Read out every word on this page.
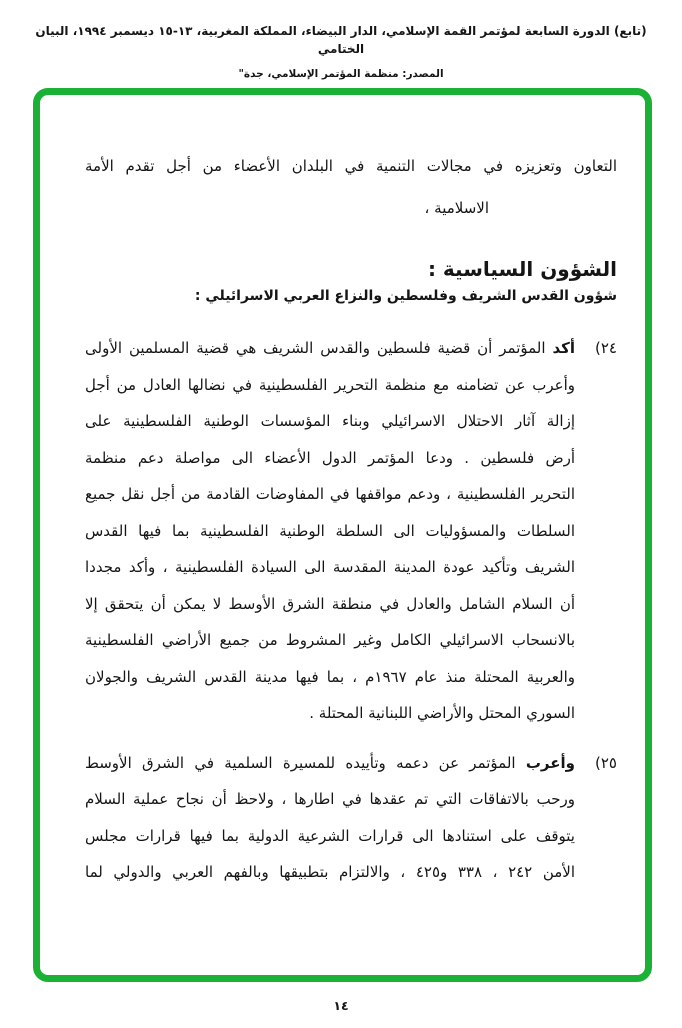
(تابع) الدورة السابعة لمؤتمر القمة الإسلامي، الدار البيضاء، المملكة المغربية، ١٣-١٥ ديسمبر ١٩٩٤، البيان الختامي
المصدر: منظمة المؤتمر الإسلامي، جدة"
التعاون وتعزيزه في مجالات التنمية في البلدان الأعضاء من أجل تقدم الأمة
الاسلامية ،
الشؤون السياسية :
شؤون القدس الشريف وفلسطين والنزاع العربي الاسرائيلي :
٢٤)
أكد المؤتمر أن قضية فلسطين والقدس الشريف هي قضية المسلمين الأولى
وأعرب عن تضامنه مع منظمة التحرير الفلسطينية في نضالها العادل من أجل
إزالة آثار الاحتلال الاسرائيلي وبناء المؤسسات الوطنية الفلسطينية على
أرض فلسطين . ودعا المؤتمر الدول الأعضاء الى مواصلة دعم منظمة
التحرير الفلسطينية ، ودعم مواقفها في المفاوضات القادمة من أجل نقل جميع
السلطات والمسؤوليات الى السلطة الوطنية الفلسطينية بما فيها القدس
الشريف وتأكيد عودة المدينة المقدسة الى السيادة الفلسطينية ، وأكد مجددا
أن السلام الشامل والعادل في منطقة الشرق الأوسط لا يمكن أن يتحقق إلا
بالانسحاب الاسرائيلي الكامل وغير المشروط من جميع الأراضي الفلسطينية
والعربية المحتلة منذ عام ١٩٦٧م ، بما فيها مدينة القدس الشريف والجولان
السوري المحتل والأراضي اللبنانية المحتلة .
٢٥)
وأعرب المؤتمر عن دعمه وتأييده للمسيرة السلمية في الشرق الأوسط
ورحب بالاتفاقات التي تم عقدها في اطارها ، ولاحظ أن نجاح عملية السلام
يتوقف على استنادها الى قرارات الشرعية الدولية بما فيها قرارات مجلس
الأمن ٢٤٢ ، ٣٣٨ و٤٢٥ ، والالتزام بتطبيقها وبالفهم العربي والدولي لما
١٤
